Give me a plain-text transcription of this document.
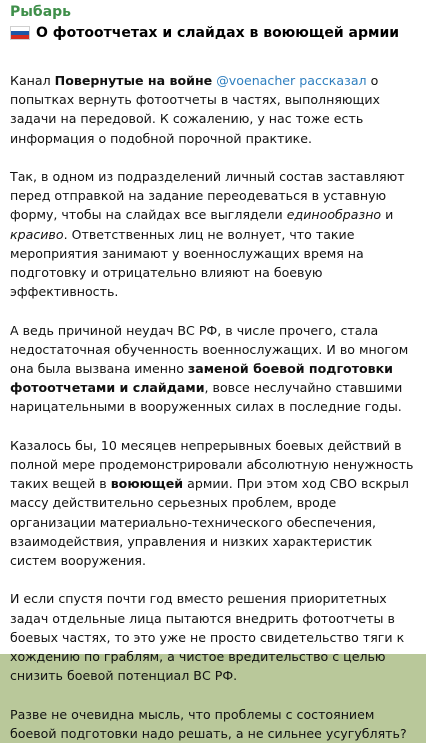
Рыбарь
О фотоотчетах и слайдах в воюющей армии

Канал Повернутые на войне @voenacher рассказал о попытках вернуть фотоотчеты в частях, выполняющих задачи на передовой. К сожалению, у нас тоже есть информация о подобной порочной практике.

Так, в одном из подразделений личный состав заставляют перед отправкой на задание переодеваться в уставную форму, чтобы на слайдах все выглядели единообразно и красиво. Ответственных лиц не волнует, что такие мероприятия занимают у военнослужащих время на подготовку и отрицательно влияют на боевую эффективность.

А ведь причиной неудач ВС РФ, в числе прочего, стала недостаточная обученность военнослужащих. И во многом она была вызвана именно заменой боевой подготовки фотоотчетами и слайдами, вовсе неслучайно ставшими нарицательными в вооруженных силах в последние годы.

Казалось бы, 10 месяцев непрерывных боевых действий в полной мере продемонстрировали абсолютную ненужность таких вещей в воюющей армии. При этом ход СВО вскрыл массу действительно серьезных проблем, вроде организации материально-технического обеспечения, взаимодействия, управления и низких характеристик систем вооружения.

И если спустя почти год вместо решения приоритетных задач отдельные лица пытаются внедрить фотоотчеты в боевых частях, то это уже не просто свидетельство тяги к хождению по граблям, а чистое вредительство с целью снизить боевой потенциал ВС РФ.

Разве не очевидна мысль, что проблемы с состоянием боевой подготовки надо решать, а не сильнее усугублять?
